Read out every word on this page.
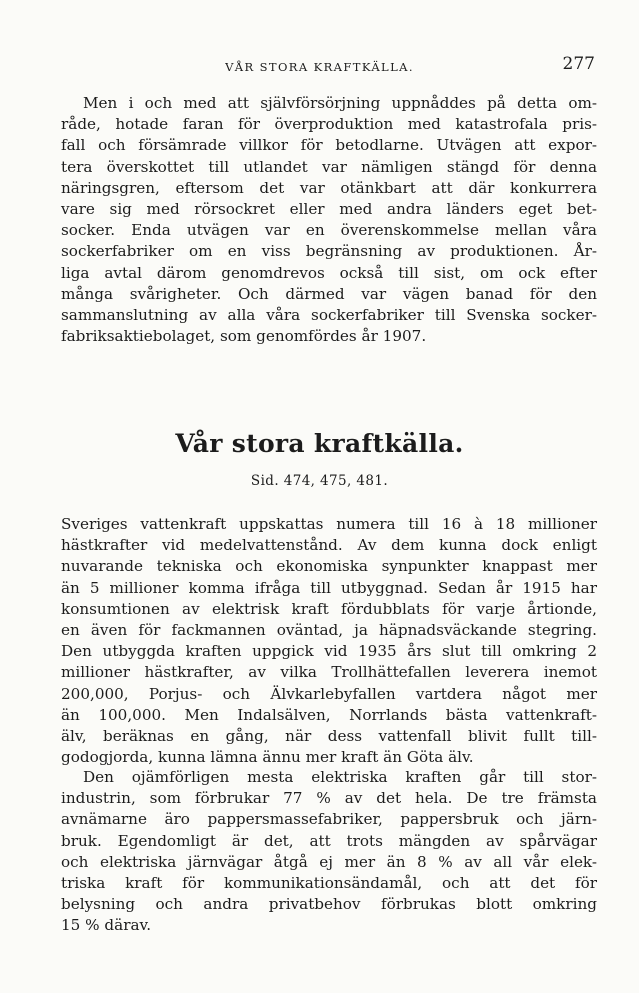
VÅR STORA KRAFTKÄLLA.	277
Men i och med att självförsörjning uppnåddes på detta om-
råde, hotade faran för överproduktion med katastrofala pris-
fall och försämrade villkor för betodlarne. Utvägen att expor-
tera överskottet till utlandet var nämligen stängd för denna
näringsgren, eftersom det var otänkbart att där konkurrera
vare sig med rörsockret eller med andra länders eget bet-
socker. Enda utvägen var en överenskommelse mellan våra
sockerfabriker om en viss begränsning av produktionen. År-
liga avtal därom genomdrevos också till sist, om ock efter
många svårigheter. Och därmed var vägen banad för den
sammanslutning av alla våra sockerfabriker till Svenska socker-
fabriksaktiebolaget, som genomfördes år 1907.
Vår stora kraftkälla.
Sid. 474, 475, 481.
Sveriges vattenkraft uppskattas numera till 16 à 18 millioner
hästkrafter vid medelvattenstånd. Av dem kunna dock enligt
nuvarande tekniska och ekonomiska synpunkter knappast mer
än 5 millioner komma ifråga till utbyggnad. Sedan år 1915 har
konsumtionen av elektrisk kraft fördubblats för varje årtionde,
en även för fackmannen oväntad, ja häpnadsväckande stegring.
Den utbyggda kraften uppgick vid 1935 års slut till omkring 2
millioner hästkrafter, av vilka Trollhättefallen leverera inemot
200,000, Porjus- och Älvkarlebyfallen vartdera något mer
än 100,000. Men Indalsälven, Norrlands bästa vattenkraft-
älv, beräknas en gång, när dess vattenfall blivit fullt till-
godogjorda, kunna lämna ännu mer kraft än Göta älv.
Den ojämförligen mesta elektriska kraften går till stor-
industrin, som förbrukar 77 % av det hela. De tre främsta
avnämarne äro pappersmassefabriker, pappersbruk och järn-
bruk. Egendomligt är det, att trots mängden av spårvägar
och elektriska järnvägar åtgå ej mer än 8 % av all vår elek-
triska kraft för kommunikationsändamål, och att det för
belysning och andra privatbehov förbrukas blott omkring
15 % därav.
